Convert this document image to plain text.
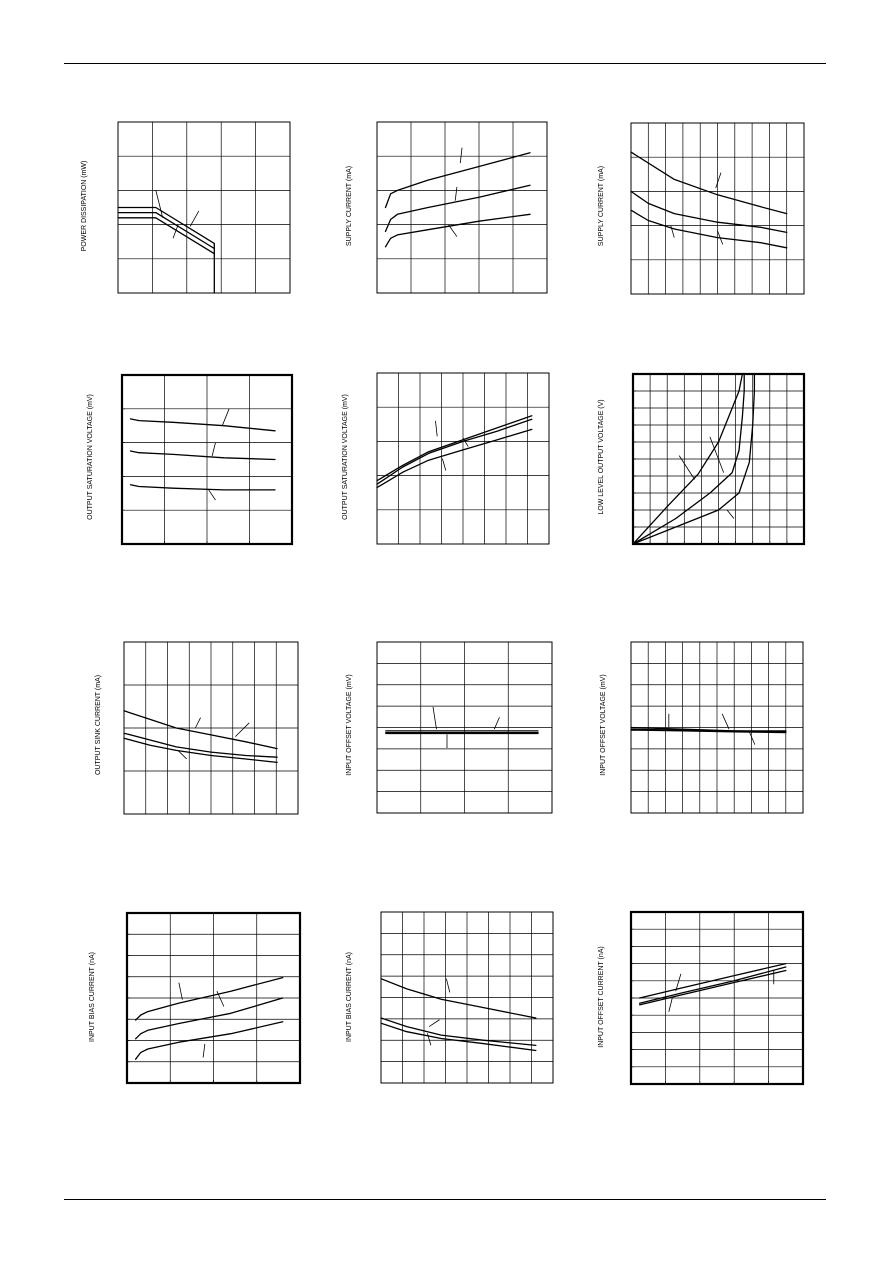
POWER DISSIPATION (mW)	SUPPLY CURRENT (mA)	SUPPLY CURRENT (mA)
OUTPUT SATURATION VOLTAGE (mV)	OUTPUT SATURATION VOLTAGE (mV)	LOW LEVEL OUTPUT VOLTAGE (V)
OUTPUT SINK CURRENT (mA)	INPUT OFFSET VOLTAGE (mV)	INPUT OFFSET VOLTAGE (mV)
INPUT BIAS CURRENT (nA)	INPUT BIAS CURRENT (nA)	INPUT OFFSET CURRENT (nA)
